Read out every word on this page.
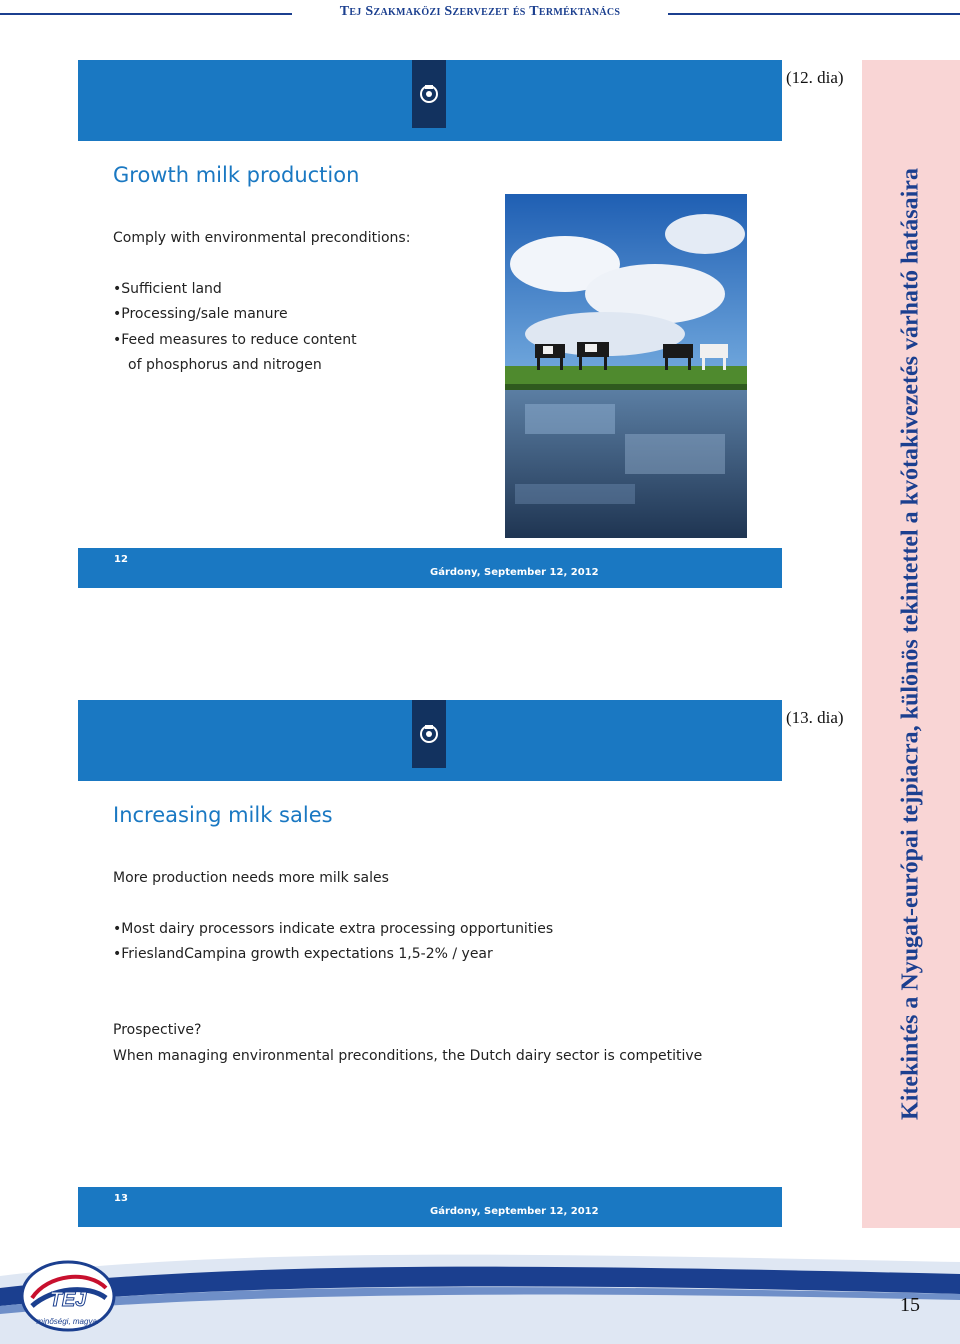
Tej Szakmaközi Szervezet és Terméktanács
Growth milk production
Comply with environmental preconditions:
•Sufficient land
•Processing/sale manure
•Feed measures to reduce content
of phosphorus and nitrogen
12
Gárdony, September 12, 2012
(12. dia)
Increasing milk sales
More production needs more milk sales
•Most dairy processors indicate extra processing opportunities
•FrieslandCampina growth expectations 1,5-2% / year
Prospective?
When managing environmental preconditions, the Dutch dairy sector is competitive
13
Gárdony, September 12, 2012
(13. dia) Kitekintés a Nyugat-európai tejpiacra, különös tekintettel a kvótakivezetés várható hatásaira
TEJ
minőségi, magyar
15
